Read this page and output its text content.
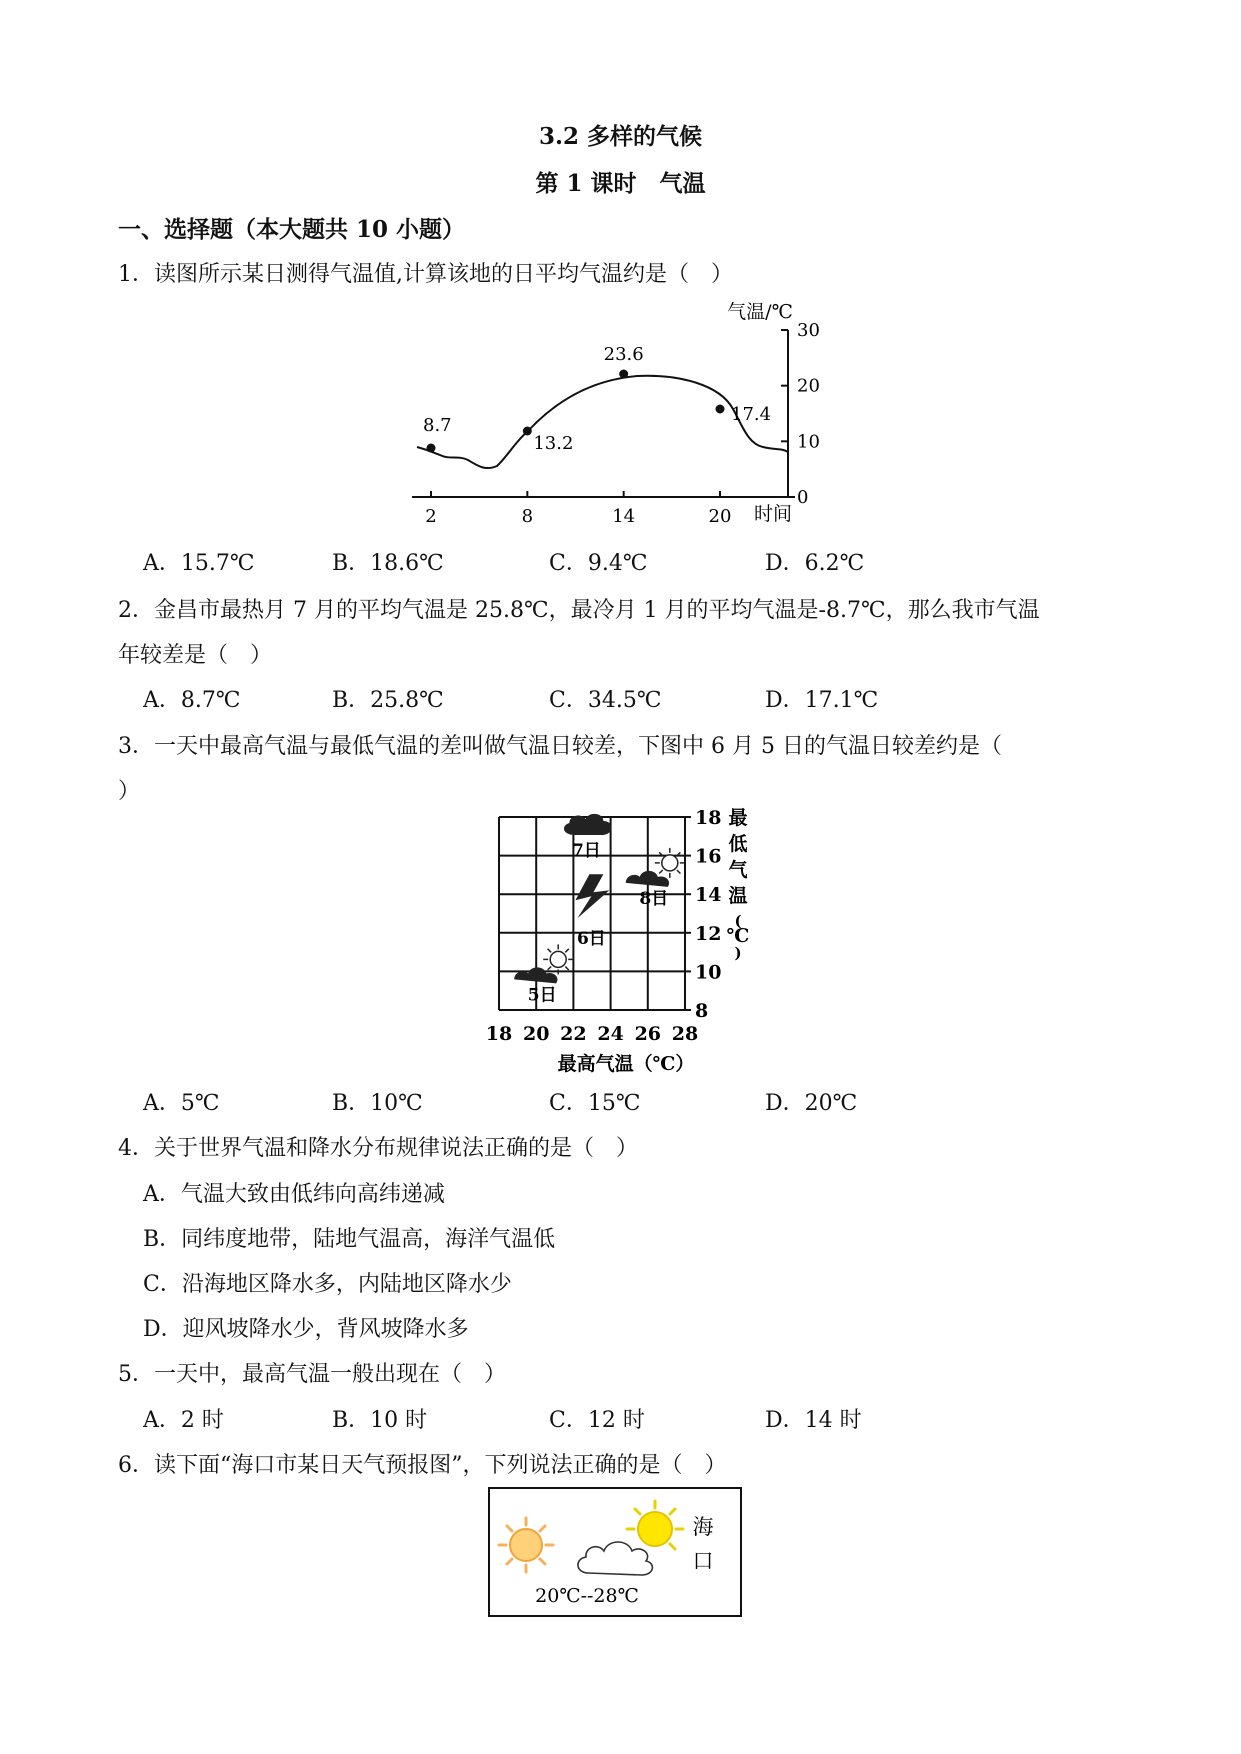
3.2 多样的气候
第 1 课时　气温
一、选择题（本大题共 10 小题）
1．读图所示某日测得气温值,计算该地的日平均气温约是（　）
气温/℃
2	8	14	20
0
10
20
30
8.7
13.2
23.6
17.4
时间
A．15.7℃	B．18.6℃	C．9.4℃	D．6.2℃
2．金昌市最热月 7 月的平均气温是 25.8℃，最冷月 1 月的平均气温是-8.7℃，那么我市气温
年较差是（　）
A．8.7℃	B．25.8℃	C．34.5℃	D．17.1℃
3．一天中最高气温与最低气温的差叫做气温日较差，下图中 6 月 5 日的气温日较差约是（
）
18 20 22 24 26 28
8
10
12
14
16
18 最
低
气
温
(
℃
)
5日
6日
7日
8日
最高气温（℃）
A．5℃	B．10℃	C．15℃	D．20℃
4．关于世界气温和降水分布规律说法正确的是（　）
A．气温大致由低纬向高纬递减
B．同纬度地带，陆地气温高，海洋气温低
C．沿海地区降水多，内陆地区降水少
D．迎风坡降水少，背风坡降水多
5．一天中，最高气温一般出现在（　）
A．2 时	B．10 时	C．12 时	D．14 时
6．读下面“海口市某日天气预报图”，下列说法正确的是（　）
海
口
20℃--28℃
